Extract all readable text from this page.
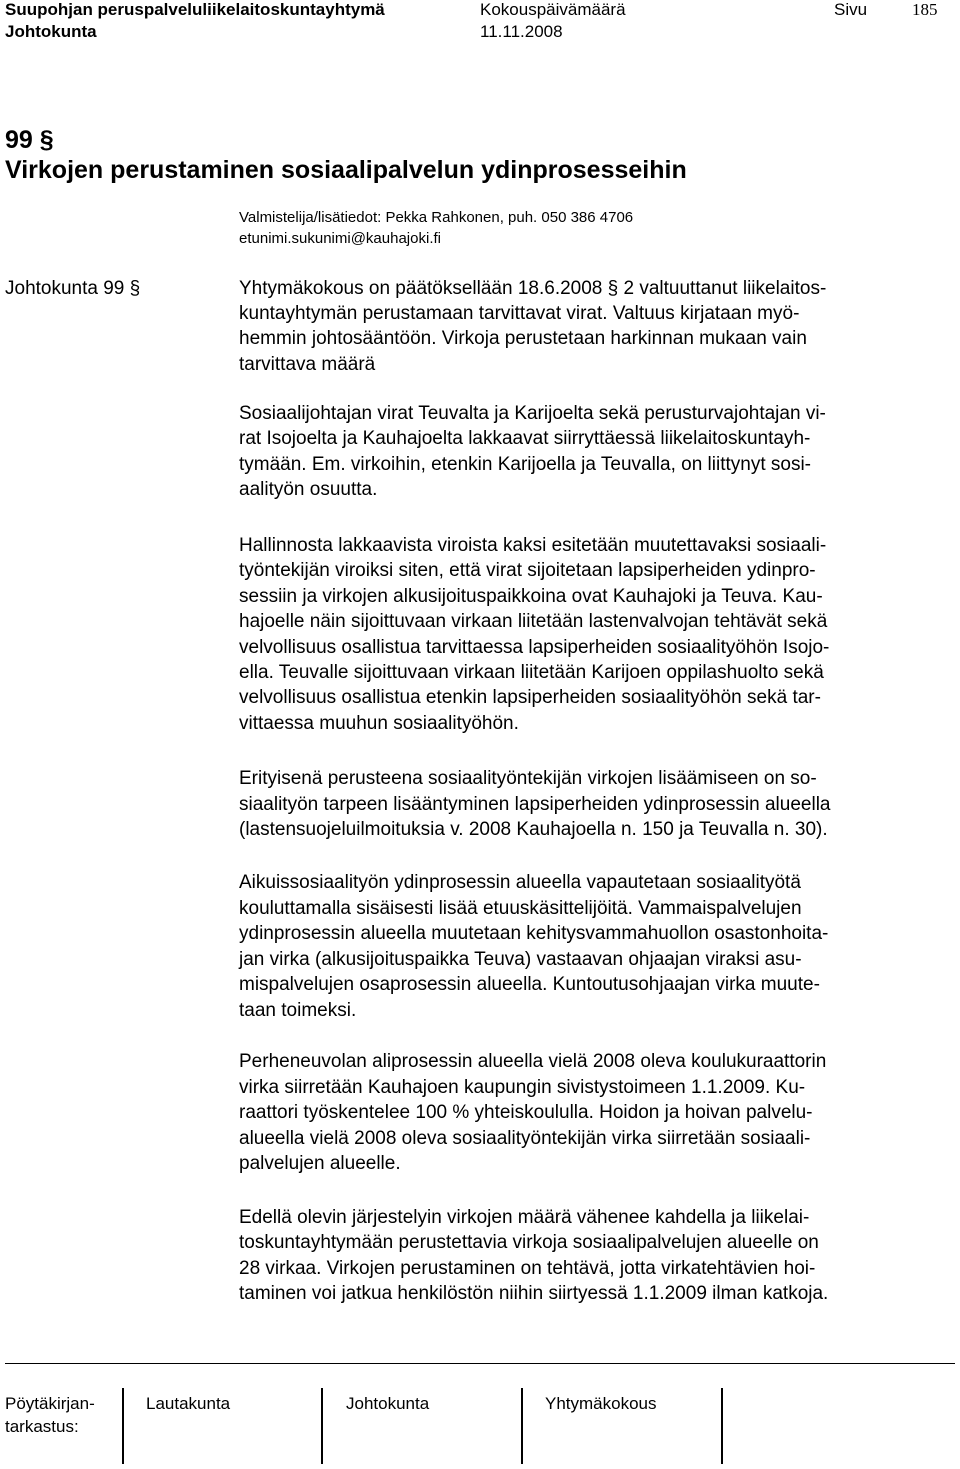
Suupohjan peruspalveluliikelaitoskuntayhtymä
Johtokunta
Kokouspäivämäärä
11.11.2008
Sivu	185
99 §
Virkojen perustaminen sosiaalipalvelun ydinprosesseihin
Valmistelija/lisätiedot: Pekka Rahkonen, puh. 050 386 4706
etunimi.sukunimi@kauhajoki.fi
Johtokunta 99 §	Yhtymäkokous on päätöksellään 18.6.2008 § 2 valtuuttanut liikelaitos-
kuntayhtymän perustamaan tarvittavat virat. Valtuus kirjataan myö-
hemmin johtosääntöön. Virkoja perustetaan harkinnan mukaan vain
tarvittava määrä
Sosiaalijohtajan virat Teuvalta ja Karijoelta sekä perusturvajohtajan vi-
rat Isojoelta ja Kauhajoelta lakkaavat siirryttäessä liikelaitoskuntayh-
tymään. Em. virkoihin, etenkin Karijoella ja Teuvalla, on liittynyt sosi-
aalityön osuutta.
Hallinnosta lakkaavista viroista kaksi esitetään muutettavaksi sosiaali-
työntekijän viroiksi siten, että virat sijoitetaan lapsiperheiden ydinpro-
sessiin ja virkojen alkusijoituspaikkoina ovat Kauhajoki ja Teuva. Kau-
hajoelle näin sijoittuvaan virkaan liitetään lastenvalvojan tehtävät sekä
velvollisuus osallistua tarvittaessa lapsiperheiden sosiaalityöhön Isojo-
ella. Teuvalle sijoittuvaan virkaan liitetään Karijoen oppilashuolto sekä
velvollisuus osallistua etenkin lapsiperheiden sosiaalityöhön sekä tar-
vittaessa muuhun sosiaalityöhön.
Erityisenä perusteena sosiaalityöntekijän virkojen lisäämiseen on so-
siaalityön tarpeen lisääntyminen lapsiperheiden ydinprosessin alueella
(lastensuojeluilmoituksia v. 2008 Kauhajoella n. 150 ja Teuvalla n. 30).
Aikuissosiaalityön ydinprosessin alueella vapautetaan sosiaalityötä
kouluttamalla sisäisesti lisää etuuskäsittelijöitä. Vammaispalvelujen
ydinprosessin alueella muutetaan kehitysvammahuollon osastonhoita-
jan virka (alkusijoituspaikka Teuva) vastaavan ohjaajan viraksi asu-
mispalvelujen osaprosessin alueella. Kuntoutusohjaajan virka muute-
taan toimeksi.
Perheneuvolan aliprosessin alueella vielä 2008 oleva koulukuraattorin
virka siirretään Kauhajoen kaupungin sivistystoimeen 1.1.2009. Ku-
raattori työskentelee 100 % yhteiskoululla. Hoidon ja hoivan palvelu-
alueella vielä 2008 oleva sosiaalityöntekijän virka siirretään sosiaali-
palvelujen alueelle.
Edellä olevin järjestelyin virkojen määrä vähenee kahdella ja liikelai-
toskuntayhtymään perustettavia virkoja sosiaalipalvelujen alueelle on
28 virkaa. Virkojen perustaminen on tehtävä, jotta virkatehtävien hoi-
taminen voi jatkua henkilöstön niihin siirtyessä 1.1.2009 ilman katkoja.
Pöytäkirjan-
tarkastus:
Lautakunta	Johtokunta	Yhtymäkokous
